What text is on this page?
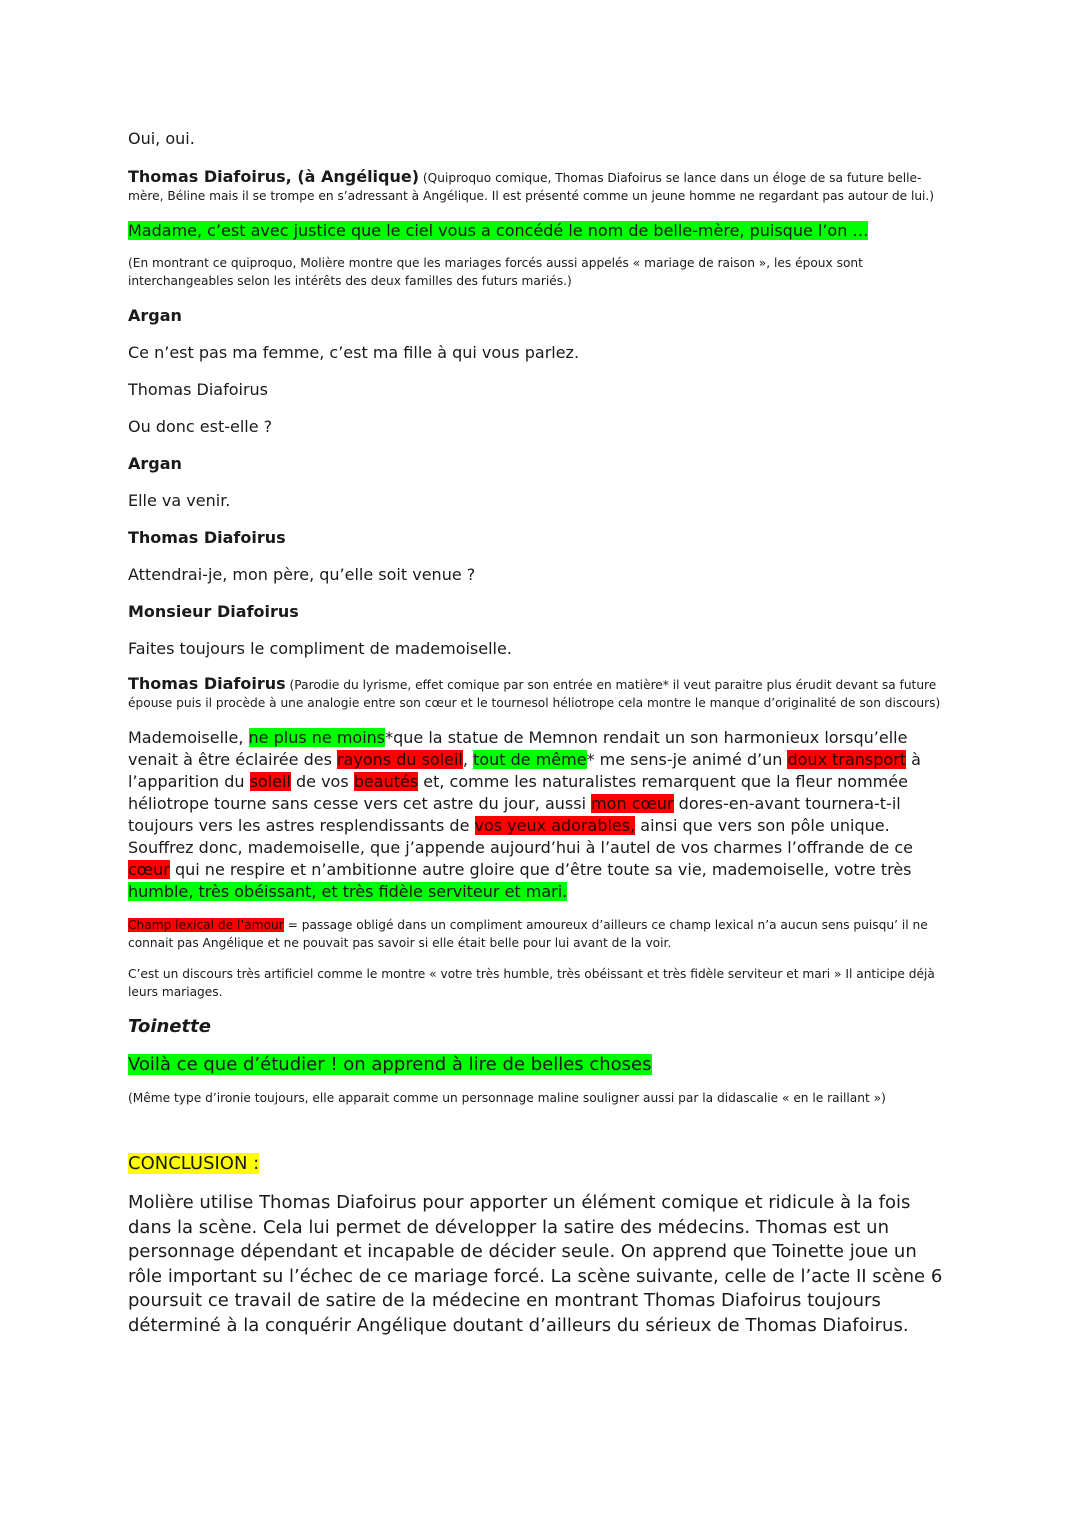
Oui, oui.

Thomas Diafoirus, (à Angélique) (Quiproquo comique, Thomas Diafoirus se lance dans un éloge de sa future belle-mère, Béline mais il se trompe en s’adressant à Angélique. Il est présenté comme un jeune homme ne regardant pas autour de lui.)

Madame, c’est avec justice que le ciel vous a concédé le nom de belle-mère, puisque l’on …

(En montrant ce quiproquo, Molière montre que les mariages forcés aussi appelés « mariage de raison », les époux sont interchangeables selon les intérêts des deux familles des futurs mariés.)

Argan

Ce n’est pas ma femme, c’est ma fille à qui vous parlez.

Thomas Diafoirus

Ou donc est-elle ?

Argan

Elle va venir.

Thomas Diafoirus

Attendrai-je, mon père, qu’elle soit venue ?

Monsieur Diafoirus

Faites toujours le compliment de mademoiselle.

Thomas Diafoirus (Parodie du lyrisme, effet comique par son entrée en matière* il veut paraitre plus érudit devant sa future épouse puis il procède à une analogie entre son cœur et le tournesol héliotrope cela montre le manque d’originalité de son discours)

Mademoiselle, ne plus ne moins*que la statue de Memnon rendait un son harmonieux lorsqu’elle venait à être éclairée des rayons du soleil, tout de même* me sens-je animé d’un doux transport à l’apparition du soleil de vos beautés et, comme les naturalistes remarquent que la fleur nommée héliotrope tourne sans cesse vers cet astre du jour, aussi mon cœur dores-en-avant tournera-t-il toujours vers les astres resplendissants de vos yeux adorables, ainsi que vers son pôle unique. Souffrez donc, mademoiselle, que j’appende aujourd’hui à l’autel de vos charmes l’offrande de ce cœur qui ne respire et n’ambitionne autre gloire que d’être toute sa vie, mademoiselle, votre très humble, très obéissant, et très fidèle serviteur et mari.

Champ lexical de l’amour = passage obligé dans un compliment amoureux d’ailleurs ce champ lexical n’a aucun sens puisqu’ il ne connait pas Angélique et ne pouvait pas savoir si elle était belle pour lui avant de la voir.

C’est un discours très artificiel comme le montre « votre très humble, très obéissant et très fidèle serviteur et mari » Il anticipe déjà leurs mariages.

Toinette

Voilà ce que d’étudier ! on apprend à lire de belles choses

(Même type d’ironie toujours, elle apparait comme un personnage maline souligner aussi par la didascalie « en le raillant »)

CONCLUSION :

Molière utilise Thomas Diafoirus pour apporter un élément comique et ridicule à la fois dans la scène. Cela lui permet de développer la satire des médecins. Thomas est un personnage dépendant et incapable de décider seule. On apprend que Toinette joue un rôle important su l’échec de ce mariage forcé. La scène suivante, celle de l’acte II scène 6 poursuit ce travail de satire de la médecine en montrant Thomas Diafoirus toujours déterminé à la conquérir Angélique doutant d’ailleurs du sérieux de Thomas Diafoirus.
